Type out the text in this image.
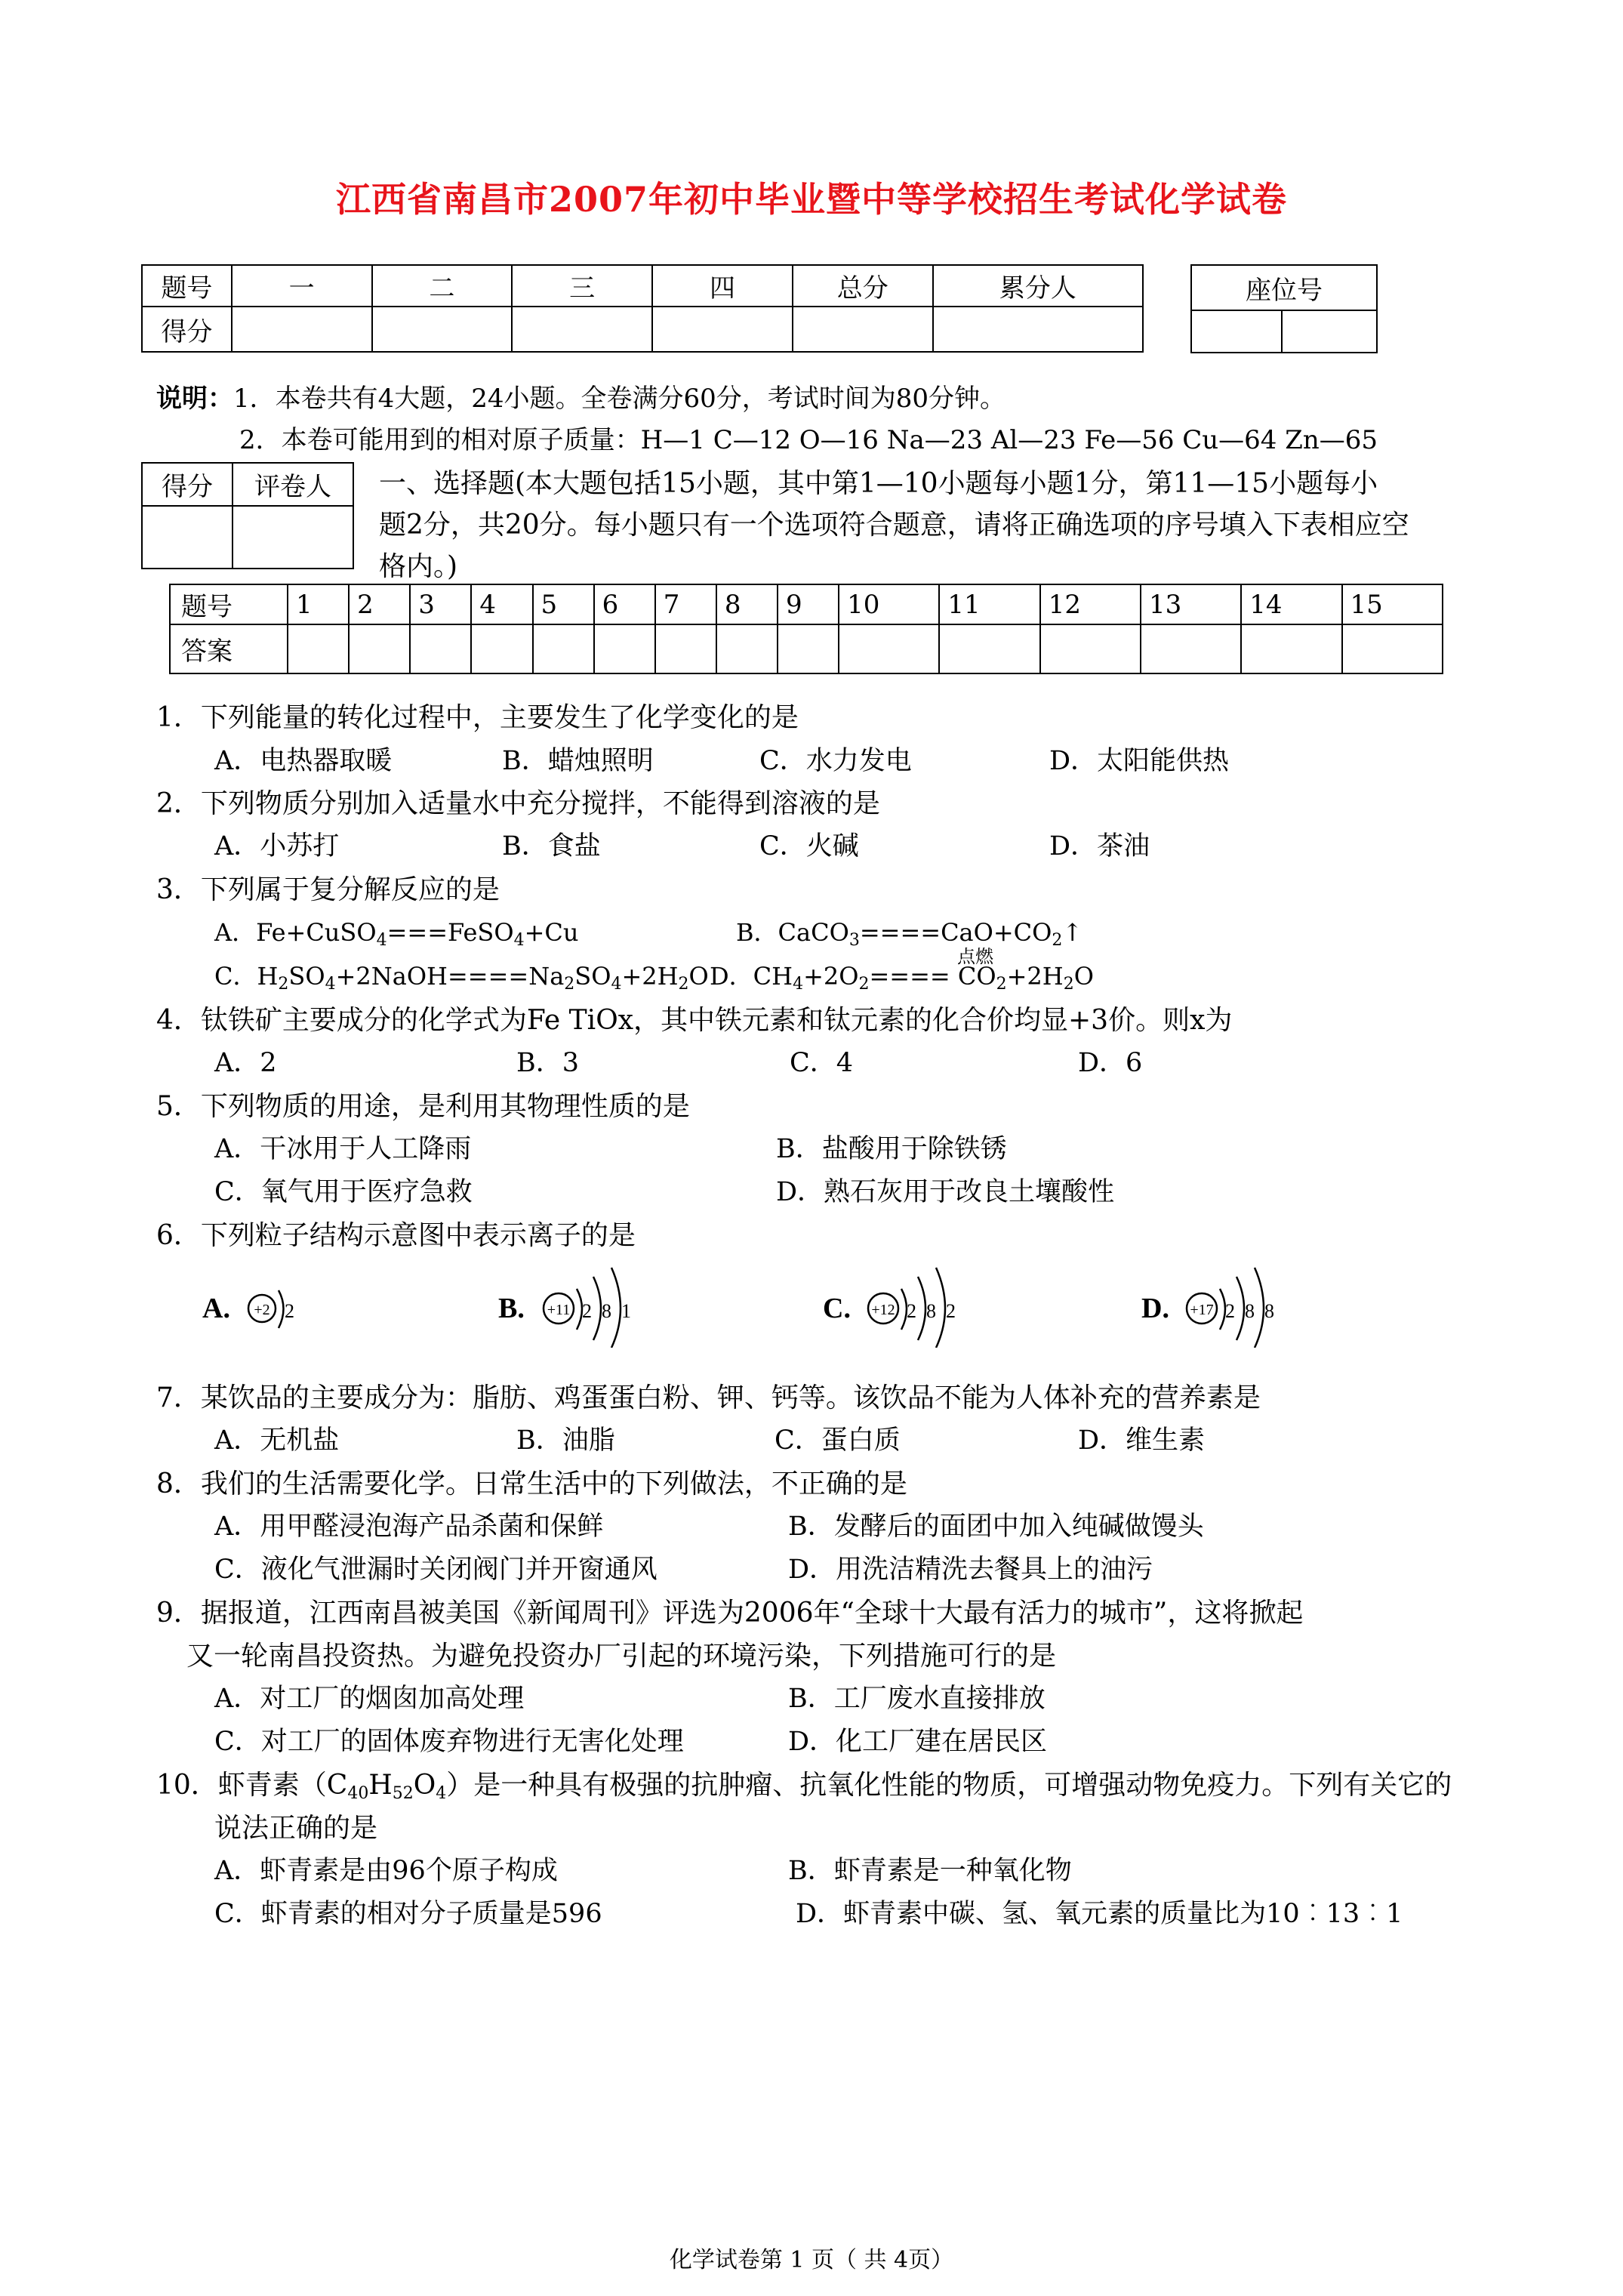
江西省南昌市2007年初中毕业暨中等学校招生考试化学试卷
题号	一	二	三	四	总分	累分人
得分						
座位号

说明：1．本卷共有4大题，24小题。全卷满分60分，考试时间为80分钟。
2．本卷可能用到的相对原子质量：H—1 C—12 O—16 Na—23 Al—23 Fe—56 Cu—64 Zn—65
得分	评卷人
	一、选择题(本大题包括15小题，其中第1—10小题每小题1分，第11—15小题每小
题2分，共20分。每小题只有一个选项符合题意，请将正确选项的序号填入下表相应空
格内。)
题号	1	2	3	4	5	6	7	8	9	10	11	12	13	14	15
答案															
1．下列能量的转化过程中，主要发生了化学变化的是
A．电热器取暖	B．蜡烛照明	C．水力发电	D．太阳能供热
2．下列物质分别加入适量水中充分搅拌，不能得到溶液的是
A．小苏打	B．食盐	C．火碱	D．茶油
3．下列属于复分解反应的是
A．Fe+CuSO$_4$===FeSO$_4$+Cu	B．$CaCO_3====CaO+CO_2↑$
C．$H_2SO_4+2NaOH====Na_2SO_4+2H_2O$
点燃
D．$CH_4+2O_2==== CO_2+2H_2O$
4．钛铁矿主要成分的化学式为Fe TiOx，其中铁元素和钛元素的化合价均显+3价。则x为
A．2	B．3	C．4	D．6
5．下列物质的用途，是利用其物理性质的是
A．干冰用于人工降雨	B．盐酸用于除铁锈
C．氧气用于医疗急救	D．熟石灰用于改良土壤酸性
6．下列粒子结构示意图中表示离子的是
A. +2 2	B. +11 2 8 1	C. +12 2 8 2	D. +17 2 8 8
7．某饮品的主要成分为：脂肪、鸡蛋蛋白粉、钾、钙等。该饮品不能为人体补充的营养素是
A．无机盐	B．油脂	C．蛋白质	D．维生素
8．我们的生活需要化学。日常生活中的下列做法，不正确的是
A．用甲醛浸泡海产品杀菌和保鲜	B．发酵后的面团中加入纯碱做馒头
C．液化气泄漏时关闭阀门并开窗通风	D．用洗洁精洗去餐具上的油污
9．据报道，江西南昌被美国《新闻周刊》评选为2006年“全球十大最有活力的城市”，这将掀起
又一轮南昌投资热。为避免投资办厂引起的环境污染，下列措施可行的是
A．对工厂的烟囱加高处理	B．工厂废水直接排放
C．对工厂的固体废弃物进行无害化处理	D．化工厂建在居民区
10．虾青素$(C_{40}H_{52}O_4)$是一种具有极强的抗肿瘤、抗氧化性能的物质，可增强动物免疫力。下列有关它的
说法正确的是
A．虾青素是由96个原子构成	B．虾青素是一种氧化物
C．虾青素的相对分子质量是596	D．虾青素中碳、氢、氧元素的质量比为10︰13︰1
化学试卷第 1 页（ 共 4页）
